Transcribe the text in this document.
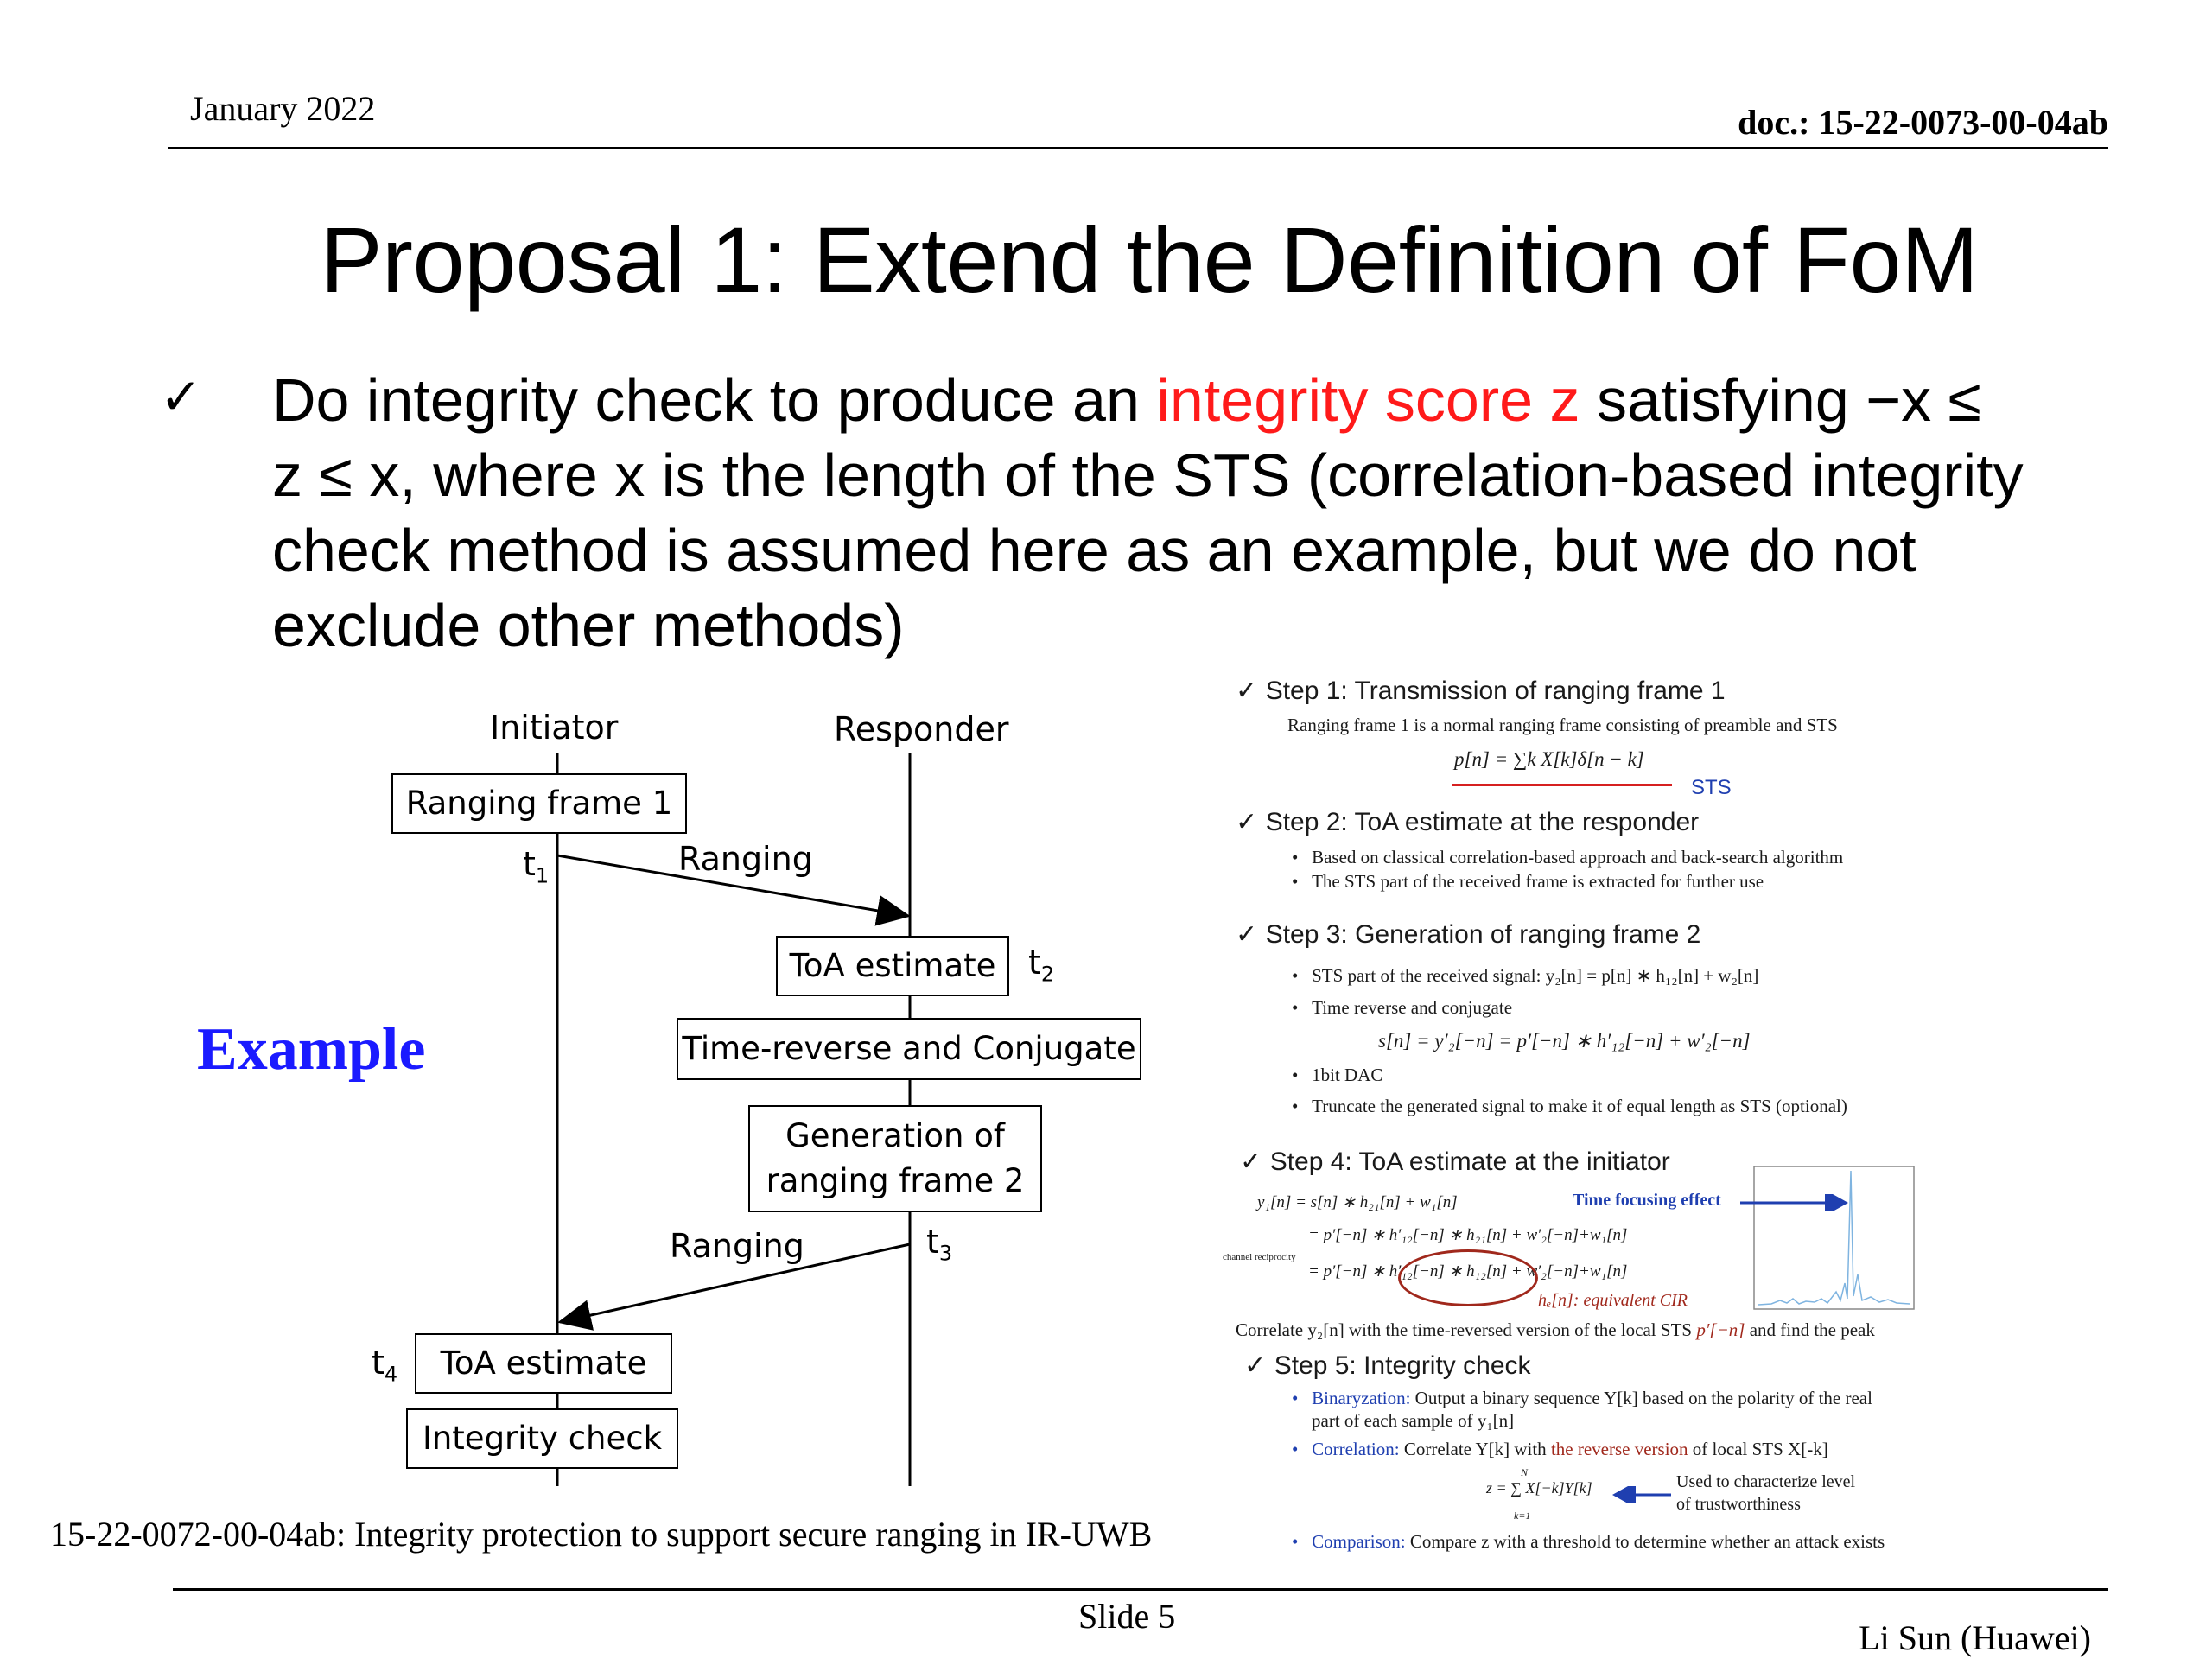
January 2022	doc.: 15-22-0073-00-04ab
Proposal 1: Extend the Definition of FoM
✓ Do integrity check to produce an integrity score z satisfying −x ≤
z ≤ x, where x is the length of the STS (correlation-based integrity
check method is assumed here as an example, but we do not
exclude other methods)
Example
Initiator	Responder
Ranging frame 1
$t_1$	Ranging
ToA estimate $t_2$
Time-reverse and Conjugate
Generation of
ranging frame 2
Ranging	$t_3$
$t_4$ ToA estimate
Integrity check
✓ Step 1: Transmission of ranging frame 1
Ranging frame 1 is a normal ranging frame consisting of preamble and STS
p[n] = ∑k X[k]δ[n − k]
STS
✓ Step 2: ToA estimate at the responder
•   Based on classical correlation-based approach and back-search algorithm
•   The STS part of the received frame is extracted for further use
✓ Step 3: Generation of ranging frame 2
•   STS part of the received signal: y₂[n] = p[n] ∗ h₁₂[n] + w₂[n]
•   Time reverse and conjugate
s[n] = y′₂[−n] = p′[−n] ∗ h′₁₂[−n] + w′₂[−n]
•   1bit DAC
•   Truncate the generated signal to make it of equal length as STS (optional)
✓ Step 4: ToA estimate at the initiator
y₁[n] = s[n] ∗ h₂₁[n] + w₁[n]
= p′[−n] ∗ h′₁₂[−n] ∗ h₂₁[n] + w′₂[−n]+w₁[n]
channel reciprocity
= p′[−n] ∗ h′₁₂[−n] ∗ h₁₂[n] + w′₂[−n]+w₁[n]
hₑ[n]: equivalent CIR
Time focusing effect
Correlate y₂[n] with the time-reversed version of the local STS p′[−n] and find the peak
✓ Step 5: Integrity check
•   Binaryzation: Output a binary sequence Y[k] based on the polarity of the real
part of each sample of y₁[n]
•   Correlation: Correlate Y[k] with the reverse version of local STS X[-k]
N
z = ∑ X[−k]Y[k]
k=1
Used to characterize level
of trustworthiness
•   Comparison: Compare z with a threshold to determine whether an attack exists
15-22-0072-00-04ab: Integrity protection to support secure ranging in IR-UWB
Slide 5
Li Sun (Huawei)
